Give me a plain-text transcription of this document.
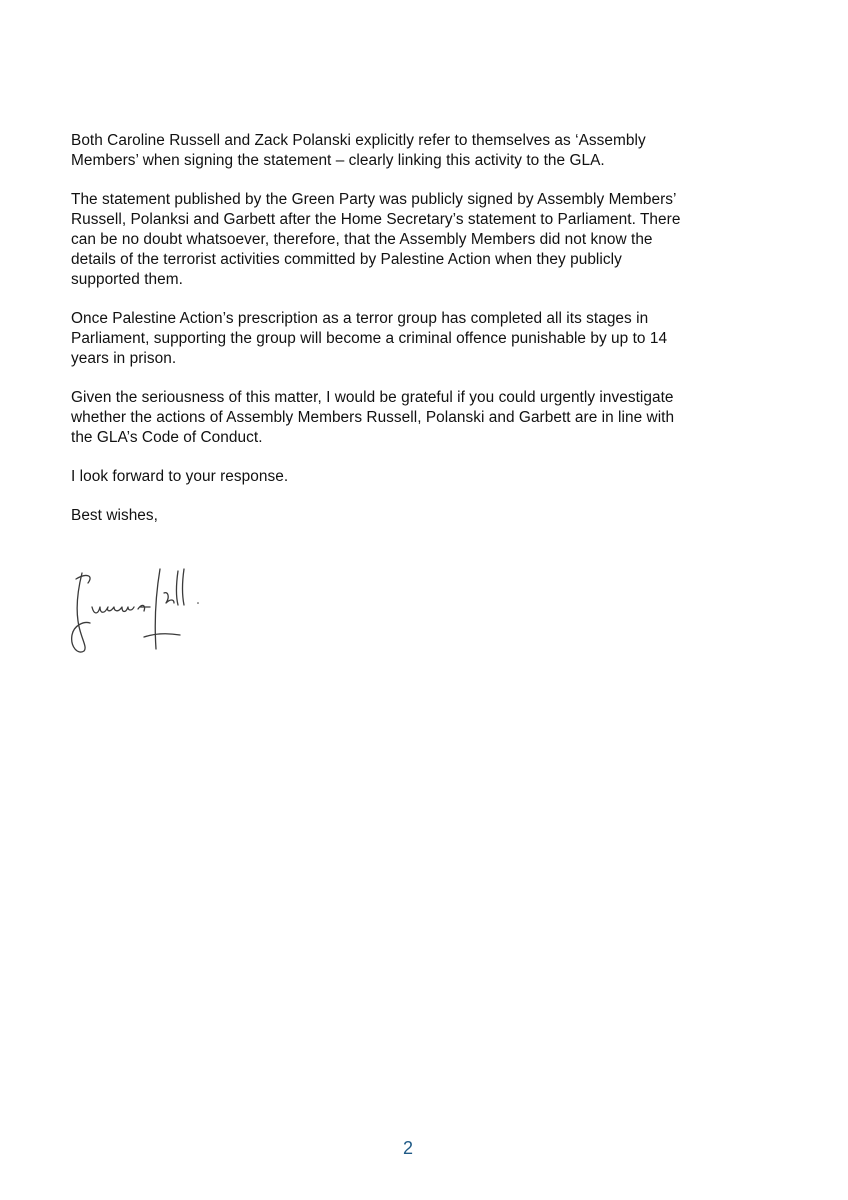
Both Caroline Russell and Zack Polanski explicitly refer to themselves as ‘Assembly
Members’ when signing the statement – clearly linking this activity to the GLA.

The statement published by the Green Party was publicly signed by Assembly Members’
Russell, Polanksi and Garbett after the Home Secretary’s statement to Parliament. There
can be no doubt whatsoever, therefore, that the Assembly Members did not know the
details of the terrorist activities committed by Palestine Action when they publicly
supported them.

Once Palestine Action’s prescription as a terror group has completed all its stages in
Parliament, supporting the group will become a criminal offence punishable by up to 14
years in prison.

Given the seriousness of this matter, I would be grateful if you could urgently investigate
whether the actions of Assembly Members Russell, Polanski and Garbett are in line with
the GLA’s Code of Conduct.

I look forward to your response.

Best wishes,

2
